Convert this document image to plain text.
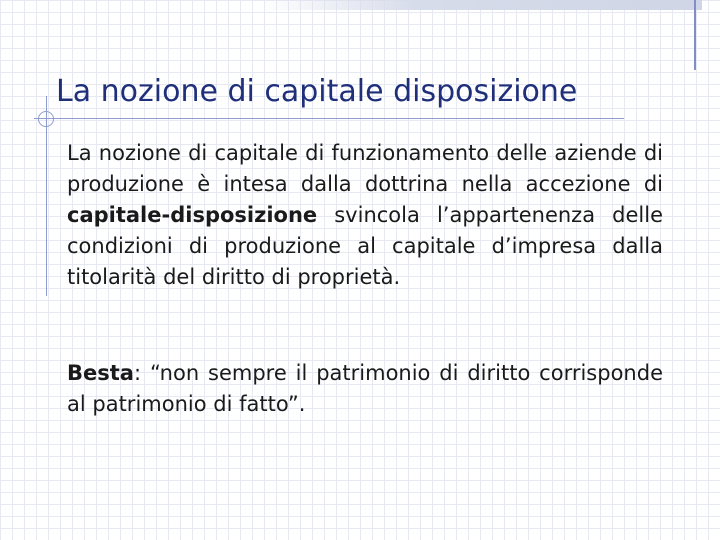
La nozione di capitale disposizione

La nozione di capitale di funzionamento delle aziende di produzione è intesa dalla dottrina nella accezione di capitale-disposizione svincola l’appartenenza delle condizioni di produzione al capitale d’impresa dalla titolarità del diritto di proprietà.

Besta: “non sempre il patrimonio di diritto corrisponde al patrimonio di fatto”.
